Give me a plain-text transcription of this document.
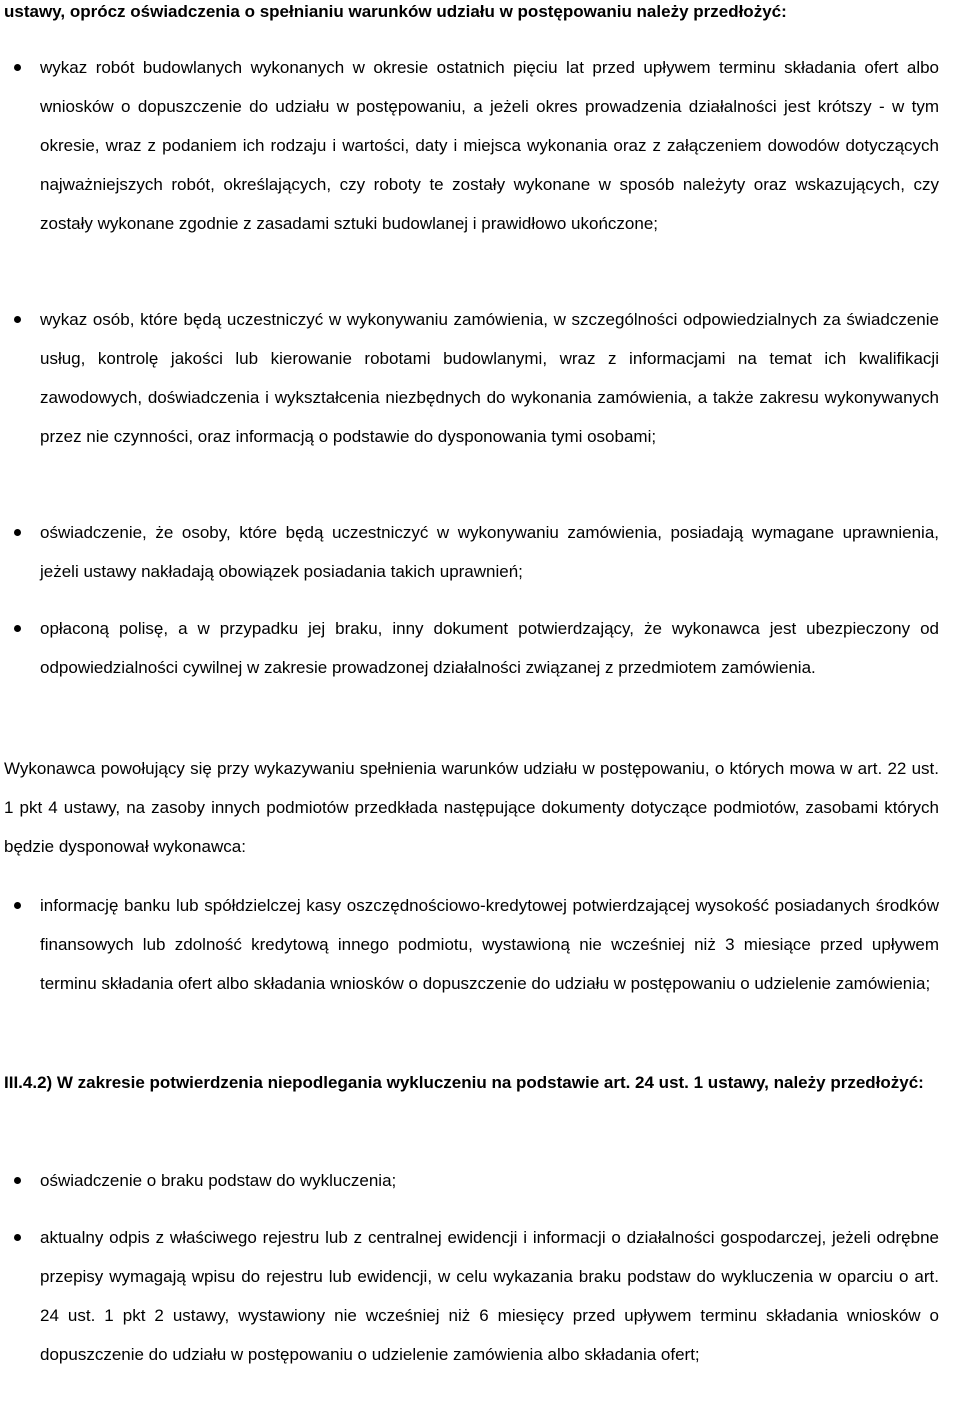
ustawy, oprócz oświadczenia o spełnianiu warunków udziału w postępowaniu należy przedłożyć:

wykaz robót budowlanych wykonanych w okresie ostatnich pięciu lat przed upływem terminu składania ofert albo wniosków o dopuszczenie do udziału w postępowaniu, a jeżeli okres prowadzenia działalności jest krótszy - w tym okresie, wraz z podaniem ich rodzaju i wartości, daty i miejsca wykonania oraz z załączeniem dowodów dotyczących najważniejszych robót, określających, czy roboty te zostały wykonane w sposób należyty oraz wskazujących, czy zostały wykonane zgodnie z zasadami sztuki budowlanej i prawidłowo ukończone;
wykaz osób, które będą uczestniczyć w wykonywaniu zamówienia, w szczególności odpowiedzialnych za świadczenie usług, kontrolę jakości lub kierowanie robotami budowlanymi, wraz z informacjami na temat ich kwalifikacji zawodowych, doświadczenia i wykształcenia niezbędnych do wykonania zamówienia, a także zakresu wykonywanych przez nie czynności, oraz informacją o podstawie do dysponowania tymi osobami;
oświadczenie, że osoby, które będą uczestniczyć w wykonywaniu zamówienia, posiadają wymagane uprawnienia, jeżeli ustawy nakładają obowiązek posiadania takich uprawnień;
opłaconą polisę, a w przypadku jej braku, inny dokument potwierdzający, że wykonawca jest ubezpieczony od odpowiedzialności cywilnej w zakresie prowadzonej działalności związanej z przedmiotem zamówienia.

Wykonawca powołujący się przy wykazywaniu spełnienia warunków udziału w postępowaniu, o których mowa w art. 22 ust. 1 pkt 4 ustawy, na zasoby innych podmiotów przedkłada następujące dokumenty dotyczące podmiotów, zasobami których będzie dysponował wykonawca:

informację banku lub spółdzielczej kasy oszczędnościowo-kredytowej potwierdzającej wysokość posiadanych środków finansowych lub zdolność kredytową innego podmiotu, wystawioną nie wcześniej niż 3 miesiące przed upływem terminu składania ofert albo składania wniosków o dopuszczenie do udziału w postępowaniu o udzielenie zamówienia;

III.4.2) W zakresie potwierdzenia niepodlegania wykluczeniu na podstawie art. 24 ust. 1 ustawy, należy przedłożyć:

oświadczenie o braku podstaw do wykluczenia;
aktualny odpis z właściwego rejestru lub z centralnej ewidencji i informacji o działalności gospodarczej, jeżeli odrębne przepisy wymagają wpisu do rejestru lub ewidencji, w celu wykazania braku podstaw do wykluczenia w oparciu o art. 24 ust. 1 pkt 2 ustawy, wystawiony nie wcześniej niż 6 miesięcy przed upływem terminu składania wniosków o dopuszczenie do udziału w postępowaniu o udzielenie zamówienia albo składania ofert;
